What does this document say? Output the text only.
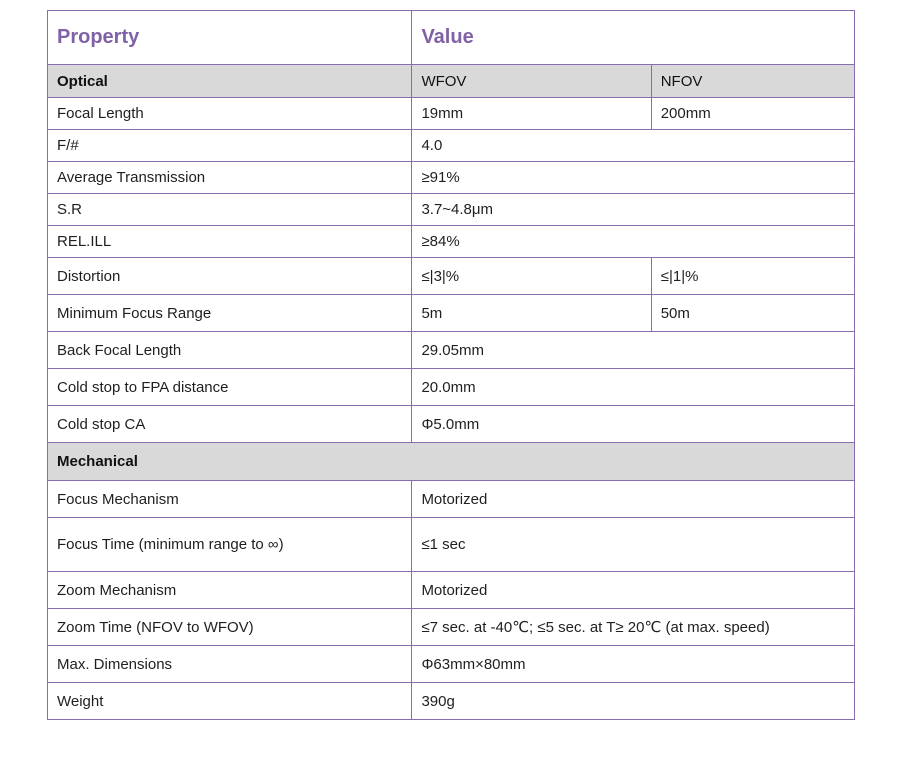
Property	Value	
Optical	WFOV	NFOV
Focal Length	19mm	200mm
F/#	4.0	
Average Transmission	≥91%	
S.R	3.7~4.8μm	
REL.ILL	≥84%	
Distortion	≤|3|%	≤|1|%
Minimum Focus Range	5m	50m
Back Focal Length	29.05mm	
Cold stop to FPA distance	20.0mm	
Cold stop CA	Φ5.0mm	
Mechanical		
Focus Mechanism	Motorized	
Focus Time (minimum range to ∞)	≤1 sec	
Zoom Mechanism	Motorized	
Zoom Time (NFOV to WFOV)	≤7 sec. at -40℃; ≤5 sec. at T≥ 20℃ (at max. speed)	
Max. Dimensions	Φ63mm×80mm	
Weight	390g	
